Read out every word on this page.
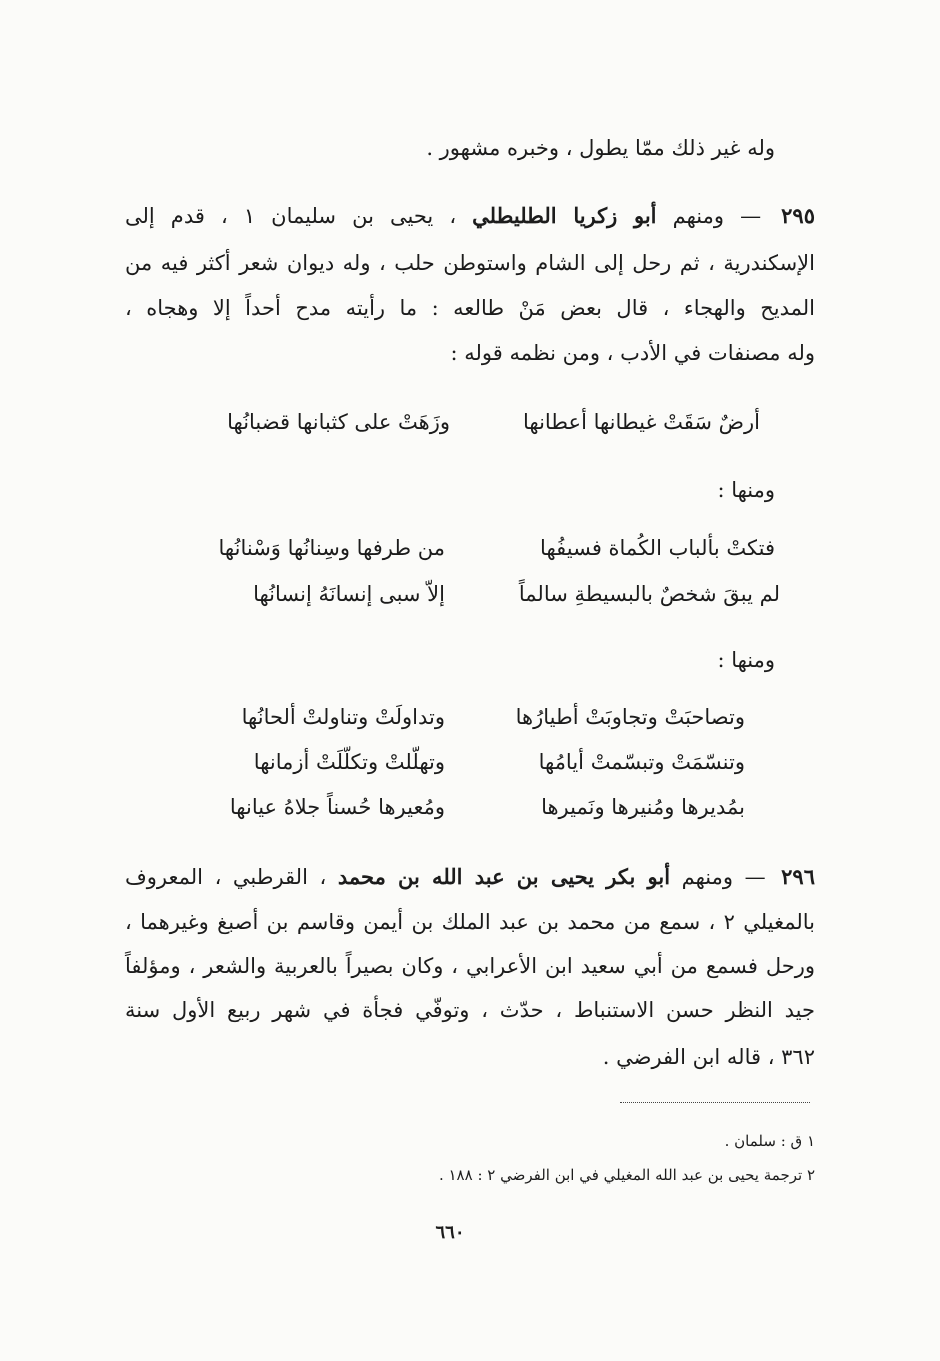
وله غير ذلك ممّا يطول ، وخبره مشهور .
٢٩٥ — ومنهم أبو زكريا الطليطلي ، يحيى بن سليمان ١ ، قدم إلى
الإسكندرية ، ثم رحل إلى الشام واستوطن حلب ، وله ديوان شعر أكثر فيه من
المديح والهجاء ، قال بعض مَنْ طالعه : ما رأيته مدح أحداً إلا وهجاه ،
وله مصنفات في الأدب ، ومن نظمه قوله :
أرضٌ سَقَتْ غيطانها أعطانها
وزَهَتْ على كثبانها قضبانُها
ومنها :
فتكتْ بألباب الكُماة فسيفُها
من طرفها وسِنانُها وَسْنانُها
لم يبقَ شخصٌ بالبسيطةِ سالماً
إلاّ سبى إنسانَهُ إنسانُها
ومنها :
وتصاحبَتْ وتجاوبَتْ أطيارُها
وتداولَتْ وتناولتْ ألحانُها
وتنسّمَتْ وتبسّمتْ أيامُها
وتهلّلتْ وتكلّلَتْ أزمانها
بمُديرها ومُنيرها ونَميرها
ومُعيرها حُسناً جلاهُ عيانها
٢٩٦ — ومنهم أبو بكر يحيى بن عبد الله بن محمد ، القرطبي ، المعروف
بالمغيلي ٢ ، سمع من محمد بن عبد الملك بن أيمن وقاسم بن أصبغ وغيرهما ،
ورحل فسمع من أبي سعيد ابن الأعرابي ، وكان بصيراً بالعربية والشعر ، ومؤلفاً
جيد النظر حسن الاستنباط ، حدّث ، وتوفّي فجأة في شهر ربيع الأول سنة
٣٦٢ ، قاله ابن الفرضي .
١ ق : سلمان .
٢ ترجمة يحيى بن عبد الله المغيلي في ابن الفرضي ٢ : ١٨٨ .
٦٦٠
